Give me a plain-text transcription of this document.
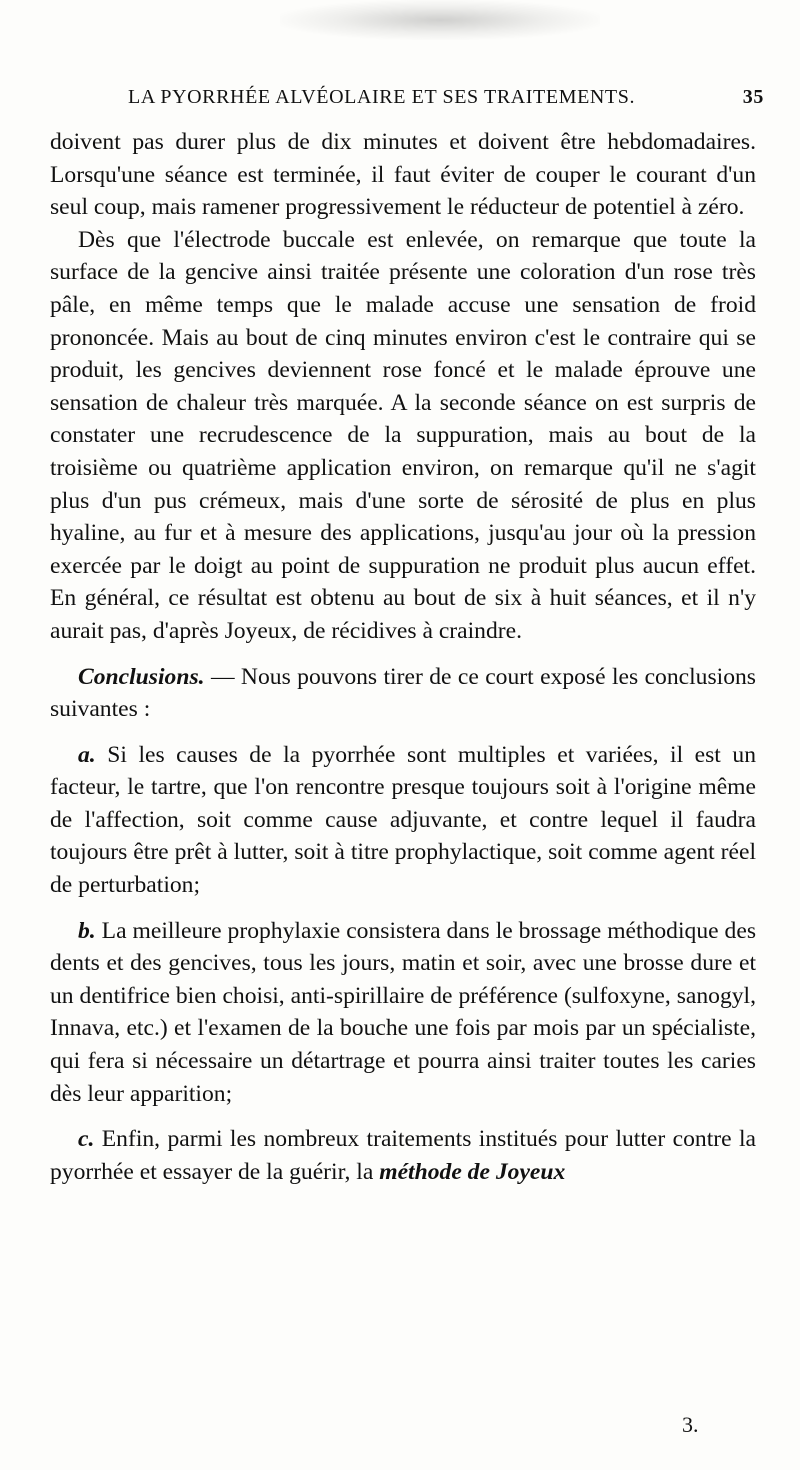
LA PYORRHÉE ALVÉOLAIRE ET SES TRAITEMENTS.	35

doivent pas durer plus de dix minutes et doivent être hebdomadaires. Lorsqu'une séance est terminée, il faut éviter de couper le courant d'un seul coup, mais ramener progressivement le réducteur de potentiel à zéro.

Dès que l'électrode buccale est enlevée, on remarque que toute la surface de la gencive ainsi traitée présente une coloration d'un rose très pâle, en même temps que le malade accuse une sensation de froid prononcée. Mais au bout de cinq minutes environ c'est le contraire qui se produit, les gencives deviennent rose foncé et le malade éprouve une sensation de chaleur très marquée. A la seconde séance on est surpris de constater une recrudescence de la suppuration, mais au bout de la troisième ou quatrième application environ, on remarque qu'il ne s'agit plus d'un pus crémeux, mais d'une sorte de sérosité de plus en plus hyaline, au fur et à mesure des applications, jusqu'au jour où la pression exercée par le doigt au point de suppuration ne produit plus aucun effet. En général, ce résultat est obtenu au bout de six à huit séances, et il n'y aurait pas, d'après Joyeux, de récidives à craindre.

Conclusions. — Nous pouvons tirer de ce court exposé les conclusions suivantes :

a. Si les causes de la pyorrhée sont multiples et variées, il est un facteur, le tartre, que l'on rencontre presque toujours soit à l'origine même de l'affection, soit comme cause adjuvante, et contre lequel il faudra toujours être prêt à lutter, soit à titre prophylactique, soit comme agent réel de perturbation;

b. La meilleure prophylaxie consistera dans le brossage méthodique des dents et des gencives, tous les jours, matin et soir, avec une brosse dure et un dentifrice bien choisi, anti-spirillaire de préférence (sulfoxyne, sanogyl, Innava, etc.) et l'examen de la bouche une fois par mois par un spécialiste, qui fera si nécessaire un détartrage et pourra ainsi traiter toutes les caries dès leur apparition;

c. Enfin, parmi les nombreux traitements institués pour lutter contre la pyorrhée et essayer de la guérir, la méthode de Joyeux

3.
